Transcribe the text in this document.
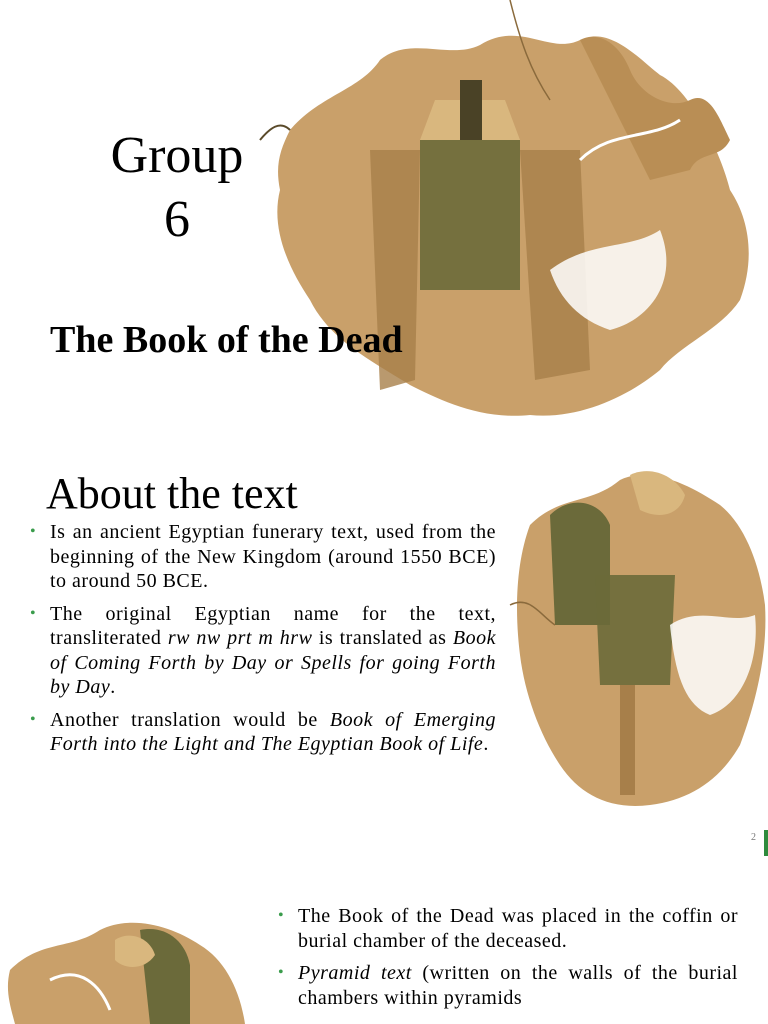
Group
6
The Book of the Dead
About the text
• Is an ancient Egyptian funerary text, used from the beginning of the New Kingdom (around 1550 BCE) to around 50 BCE.
• The original Egyptian name for the text, transliterated rw nw prt m hrw is translated as Book of Coming Forth by Day or Spells for going Forth by Day.
• Another translation would be Book of Emerging Forth into the Light and The Egyptian Book of Life.
2
• The Book of the Dead was placed in the coffin or burial chamber of the deceased.
• Pyramid text (written on the walls of the burial chambers within pyramids
